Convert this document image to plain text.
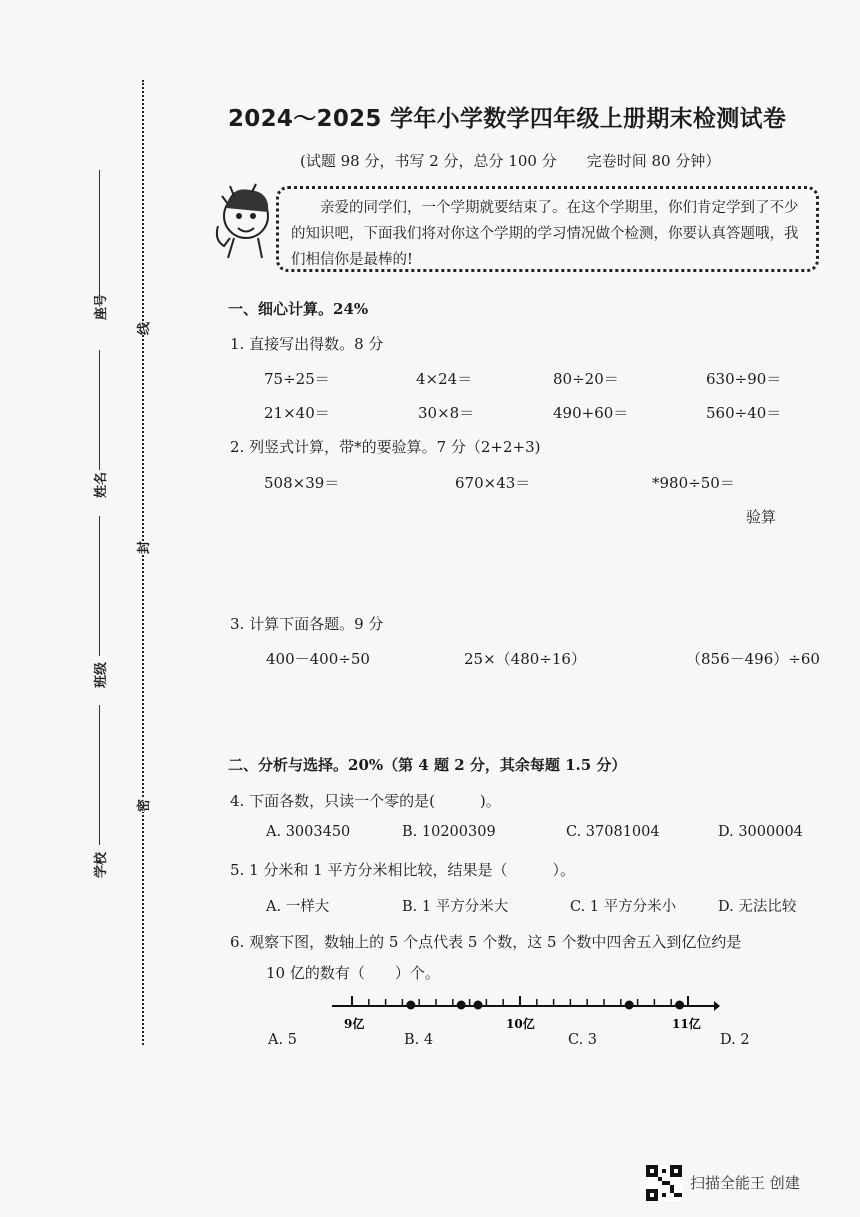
线
封
密
座号
姓名
班级
学校
2024～2025 学年小学数学四年级上册期末检测试卷
(试题 98 分，书写 2 分，总分 100 分　　完卷时间 80 分钟）
亲爱的同学们，一个学期就要结束了。在这个学期里，你们肯定学到了不少的知识吧，下面我们将对你这个学期的学习情况做个检测，你要认真答题哦，我们相信你是最棒的!
一、细心计算。24%
1. 直接写出得数。8 分
75÷25＝	4×24＝	80÷20＝	630÷90＝
21×40＝	30×8＝	490+60＝	560÷40＝
2. 列竖式计算，带*的要验算。7 分（2+2+3)
508×39＝	670×43＝	*980÷50＝
验算
3. 计算下面各题。9 分
400－400÷50	25×（480÷16）	（856－496）÷60
二、分析与选择。20%（第 4 题 2 分，其余每题 1.5 分）
4. 下面各数，只读一个零的是(　　　)。
A. 3003450	B. 10200309	C. 37081004	D. 3000004
5. 1 分米和 1 平方分米相比较，结果是（　　　）。
A. 一样大	B. 1 平方分米大	C. 1 平方分米小	D. 无法比较
6. 观察下图，数轴上的 5 个点代表 5 个数，这 5 个数中四舍五入到亿位约是
10 亿的数有（　　）个。
9亿	10亿	11亿
A. 5	B. 4	C. 3	D. 2
扫描全能王 创建
